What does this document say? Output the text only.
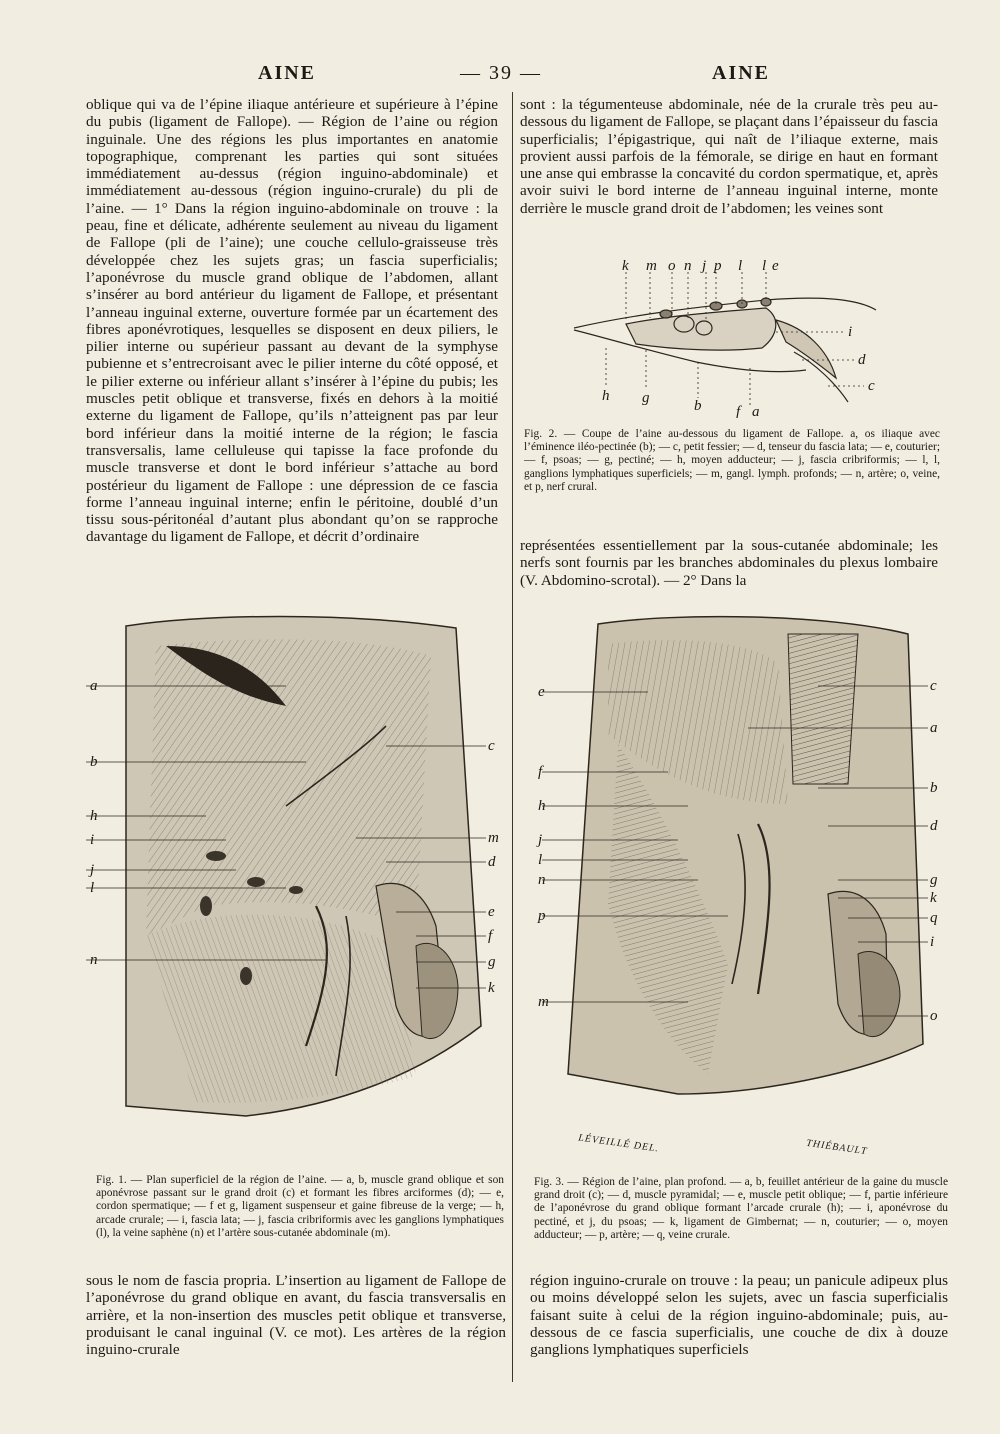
AINE	— 39 —	AINE

oblique qui va de l’épine iliaque antérieure et supérieure à l’épine du pubis (ligament de Fallope). — Région de l’aine ou région inguinale. Une des régions les plus importantes en anatomie topographique, comprenant les parties qui sont situées immédiatement au-dessus (région inguino-abdominale) et immédiatement au-dessous (région inguino-crurale) du pli de l’aine. — 1° Dans la région inguino-abdominale on trouve : la peau, fine et délicate, adhérente seulement au niveau du ligament de Fallope (pli de l’aine); une couche cellulo-graisseuse très développée chez les sujets gras; un fascia superficialis; l’aponévrose du muscle grand oblique de l’abdomen, allant s’insérer au bord antérieur du ligament de Fallope, et présentant l’anneau inguinal externe, ouverture formée par un écartement des fibres aponévrotiques, lesquelles se disposent en deux piliers, le pilier interne ou supérieur passant au devant de la symphyse pubienne et s’entrecroisant avec le pilier interne du côté opposé, et le pilier externe ou inférieur allant s’insérer à l’épine du pubis; les muscles petit oblique et transverse, fixés en dehors à la moitié externe du ligament de Fallope, qu’ils n’atteignent pas par leur bord inférieur dans la moitié interne de la région; le fascia transversalis, lame celluleuse qui tapisse la face profonde du muscle transverse et dont le bord inférieur s’attache au bord postérieur du ligament de Fallope : une dépression de ce fascia forme l’anneau inguinal interne; enfin le péritoine, doublé d’un tissu sous-péritonéal d’autant plus abondant qu’on se rapproche davantage du ligament de Fallope, et décrit d’ordinaire

sont : la tégumenteuse abdominale, née de la crurale très peu au-dessous du ligament de Fallope, se plaçant dans l’épaisseur du fascia superficialis; l’épigastrique, qui naît de l’iliaque externe, mais provient aussi parfois de la fémorale, se dirige en haut en formant une anse qui embrasse la concavité du cordon spermatique, et, après avoir suivi le bord interne de l’anneau inguinal interne, monte derrière le muscle grand droit de l’abdomen; les veines sont

k m o n j p l l e
i
d
c
h g	b f a
Fig. 2. — Coupe de l’aine au-dessous du ligament de Fallope. a, os iliaque avec l’éminence iléo-pectinée (b); — c, petit fessier; — d, tenseur du fascia lata; — e, couturier; — f, psoas; — g, pectiné; — h, moyen adducteur; — j, fascia cribriformis; — l, l, ganglions lymphatiques superficiels; — m, gangl. lymph. profonds; — n, artère; o, veine, et p, nerf crural.

représentées essentiellement par la sous-cutanée abdominale; les nerfs sont fournis par les branches abdominales du plexus lombaire (V. Abdomino-scrotal). — 2° Dans la

a
b
h
i
j
l
n
c
m
d
e
f
g
k
Fig. 1. — Plan superficiel de la région de l’aine. — a, b, muscle grand oblique et son aponévrose passant sur le grand droit (c) et formant les fibres arciformes (d); — e, cordon spermatique; — f et g, ligament suspenseur et gaine fibreuse de la verge; — h, arcade crurale; — i, fascia lata; — j, fascia cribriformis avec les ganglions lymphatiques (l), la veine saphène (n) et l’artère sous-cutanée abdominale (m).
e
f
h
j
l
n
p
m
c
a
b
d
g
k
q
i
o
LÉVEILLÉ DEL.	THIÉBAULT
Fig. 3. — Région de l’aine, plan profond. — a, b, feuillet antérieur de la gaine du muscle grand droit (c); — d, muscle pyramidal; — e, muscle petit oblique; — f, partie inférieure de l’aponévrose du grand oblique formant l’arcade crurale (h); — i, aponévrose du pectiné, et j, du psoas; — k, ligament de Gimbernat; — n, couturier; — o, moyen adducteur; — p, artère; — q, veine crurale.

sous le nom de fascia propria. L’insertion au ligament de Fallope de l’aponévrose du grand oblique en avant, du fascia transversalis en arrière, et la non-insertion des muscles petit oblique et transverse, produisant le canal inguinal (V. ce mot). Les artères de la région inguino-crurale

région inguino-crurale on trouve : la peau; un panicule adipeux plus ou moins développé selon les sujets, avec un fascia superficialis faisant suite à celui de la région inguino-abdominale; puis, au-dessous de ce fascia superficialis, une couche de dix à douze ganglions lymphatiques superficiels
